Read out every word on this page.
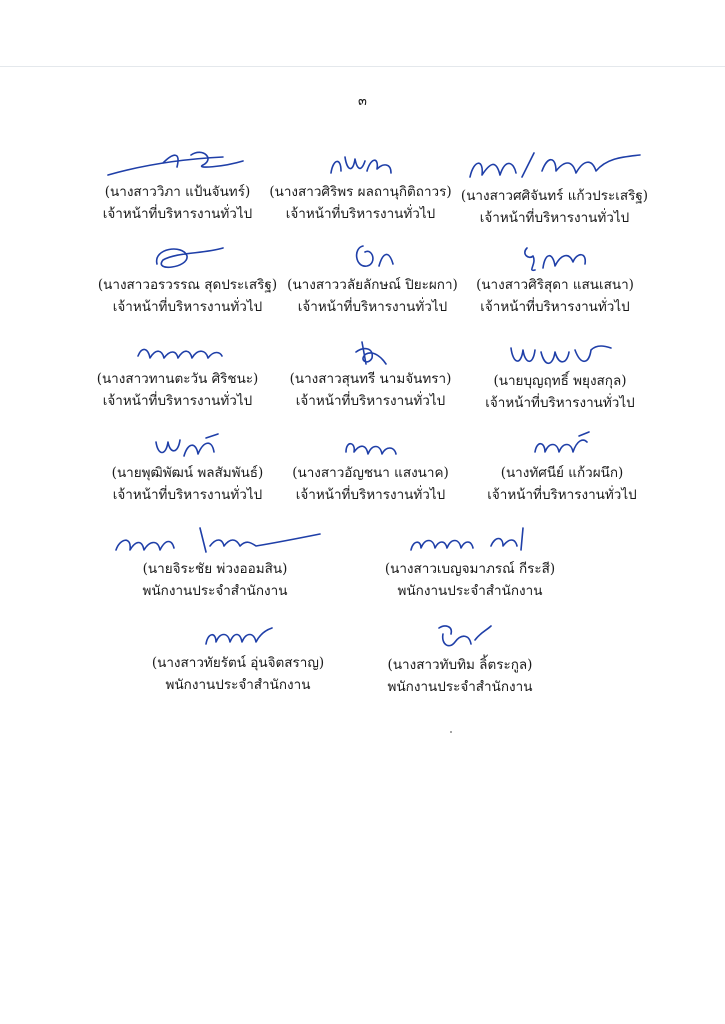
๓
(นางสาววิภา แป้นจันทร์)
เจ้าหน้าที่บริหารงานทั่วไป
(นางสาวศิริพร ผลถานุกิติถาวร)
เจ้าหน้าที่บริหารงานทั่วไป
(นางสาวศศิจันทร์ แก้วประเสริฐ)
เจ้าหน้าที่บริหารงานทั่วไป
(นางสาวอรวรรณ สุดประเสริฐ)
เจ้าหน้าที่บริหารงานทั่วไป
(นางสาววลัยลักษณ์ ปิยะผกา)
เจ้าหน้าที่บริหารงานทั่วไป
(นางสาวศิริสุดา แสนเสนา)
เจ้าหน้าที่บริหารงานทั่วไป
(นางสาวทานตะวัน ศิริชนะ)
เจ้าหน้าที่บริหารงานทั่วไป
(นางสาวสุนทรี นามจันทรา)
เจ้าหน้าที่บริหารงานทั่วไป
(นายบุญฤทธิ์ พยุงสกุล)
เจ้าหน้าที่บริหารงานทั่วไป
(นายพุฒิพัฒน์ พลสัมพันธ์)
เจ้าหน้าที่บริหารงานทั่วไป
(นางสาวอัญชนา แสงนาค)
เจ้าหน้าที่บริหารงานทั่วไป
(นางทัศนีย์ แก้วผนึก)
เจ้าหน้าที่บริหารงานทั่วไป
(นายจิระชัย พ่วงออมสิน)
พนักงานประจำสำนักงาน
(นางสาวเบญจมาภรณ์ กีระสี)
พนักงานประจำสำนักงาน
(นางสาวทัยรัตน์ อุ่นจิตสราญ)
พนักงานประจำสำนักงาน
(นางสาวทับทิม ลิ้ตระกูล)
พนักงานประจำสำนักงาน
